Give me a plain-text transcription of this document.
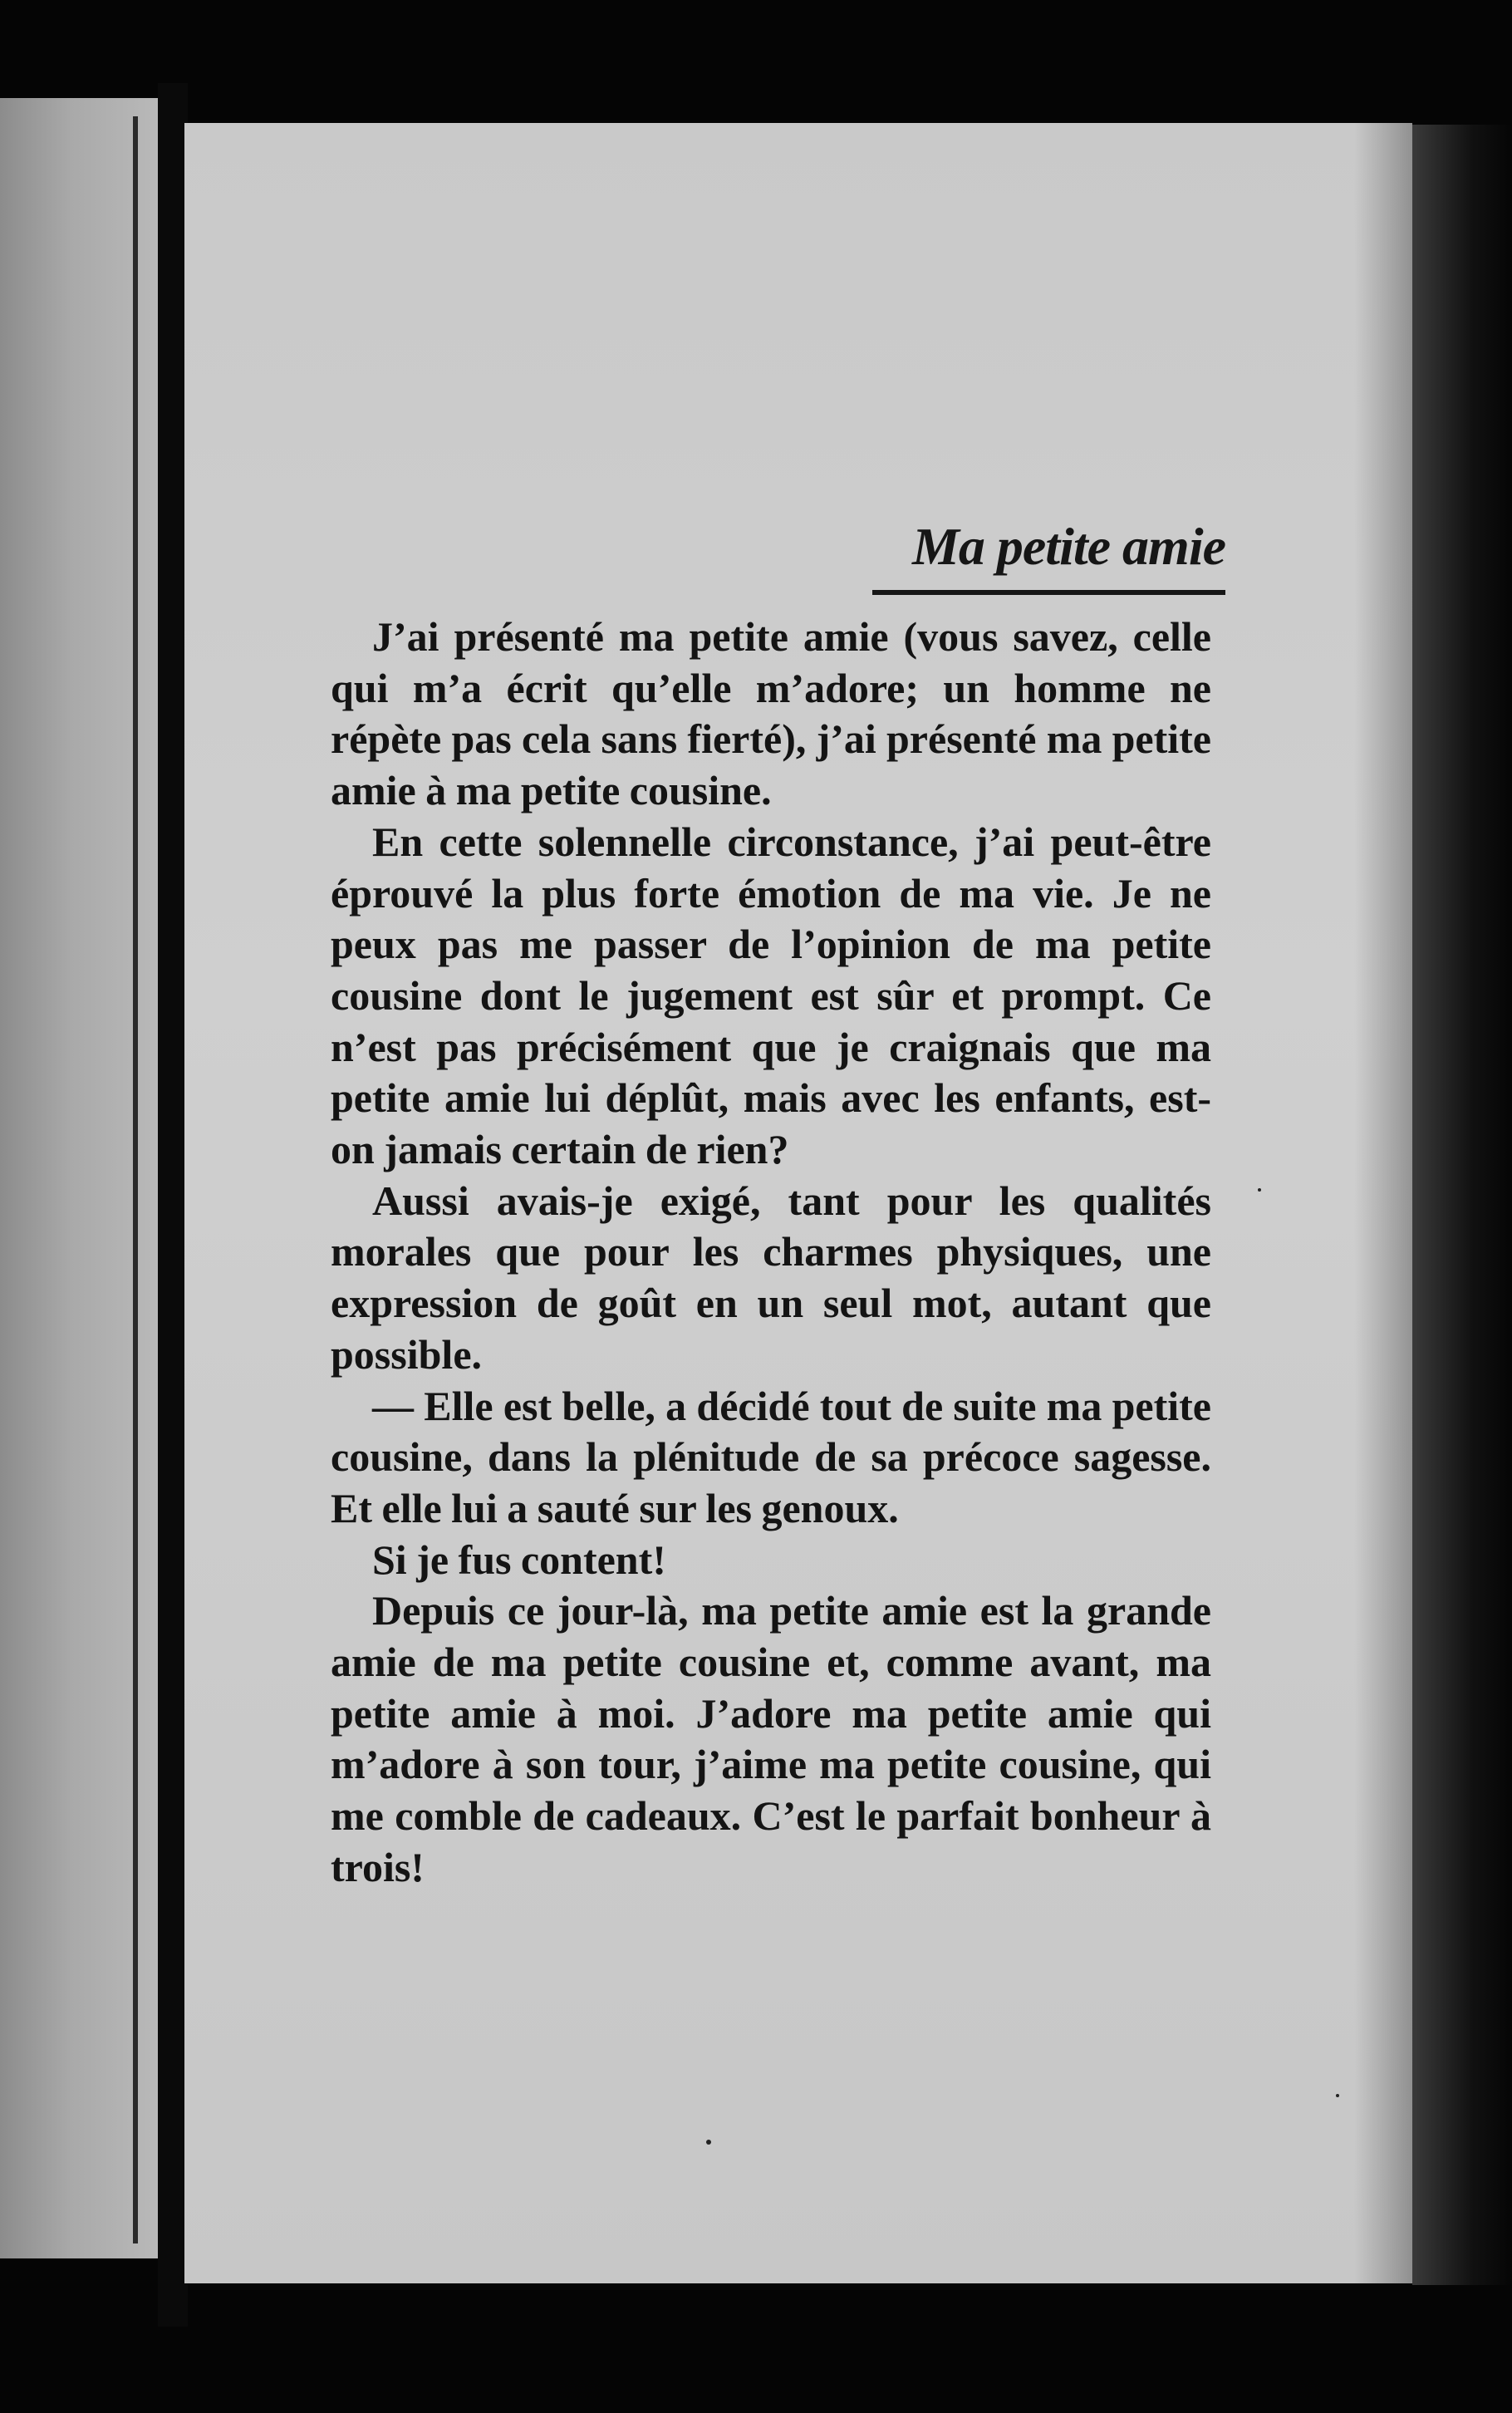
Ma petite amie

J’ai présenté ma petite amie (vous savez, celle qui m’a écrit qu’elle m’adore; un homme ne répète pas cela sans fierté), j’ai présenté ma petite amie à ma petite cousine.

En cette solennelle circonstance, j’ai peut-être éprouvé la plus forte émotion de ma vie. Je ne peux pas me passer de l’opinion de ma petite cousine dont le jugement est sûr et prompt. Ce n’est pas précisément que je craignais que ma petite amie lui déplût, mais avec les enfants, est-on jamais certain de rien?

Aussi avais-je exigé, tant pour les qualités morales que pour les charmes physiques, une expression de goût en un seul mot, autant que possible.

— Elle est belle, a décidé tout de suite ma petite cousine, dans la plénitude de sa précoce sagesse. Et elle lui a sauté sur les genoux.

Si je fus content!

Depuis ce jour-là, ma petite amie est la grande amie de ma petite cousine et, comme avant, ma petite amie à moi. J’adore ma petite amie qui m’adore à son tour, j’aime ma petite cousine, qui me comble de cadeaux. C’est le parfait bonheur à trois!
